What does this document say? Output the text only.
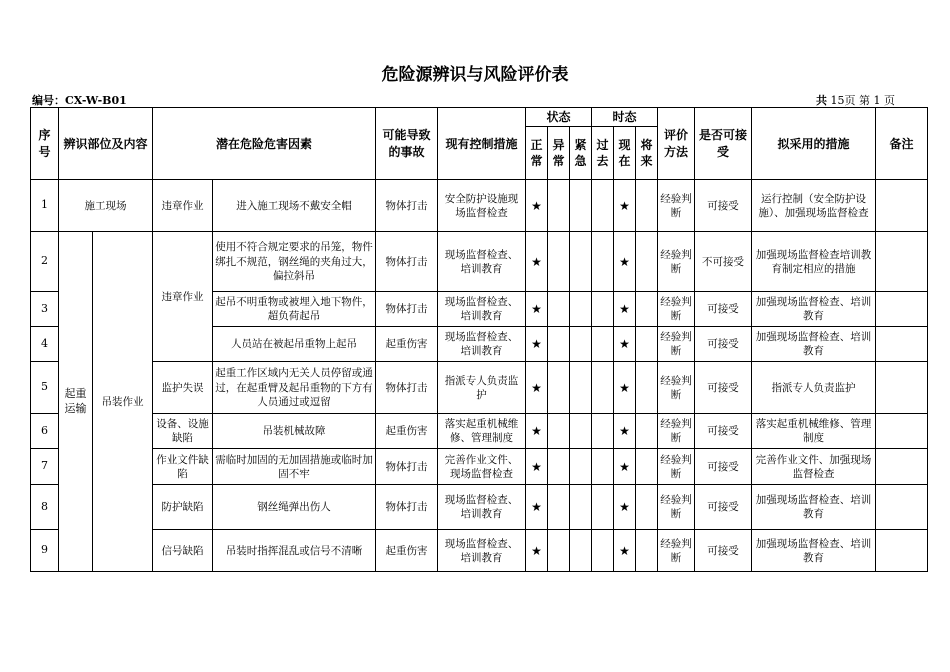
危险源辨识与风险评价表
编号：CX-W-B01	共 15页 第 1 页
序号	辨识部位及内容		潜在危险危害因素		可能导致的事故	现有控制措施	状态			时态			评价方法	是否可接受	拟采用的措施	备注
							正常	异常	紧急	过去	现在	将来				
1	施工现场		违章作业	进入施工现场不戴安全帽	物体打击	安全防护设施现场监督检查	★				★		经验判断	可接受	运行控制（安全防护设施）、加强现场监督检查	
2	起重运输	吊装作业	违章作业	使用不符合规定要求的吊笼，物件绑扎不规范，钢丝绳的夹角过大，偏拉斜吊	物体打击	现场监督检查、培训教育	★				★		经验判断	不可接受	加强现场监督检查培训教育制定相应的措施	
3				起吊不明重物或被埋入地下物件，超负荷起吊	物体打击	现场监督检查、培训教育	★				★		经验判断	可接受	加强现场监督检查、培训教育	
4				人员站在被起吊重物上起吊	起重伤害	现场监督检查、培训教育	★				★		经验判断	可接受	加强现场监督检查、培训教育	
5			监护失误	起重工作区域内无关人员停留或通过，在起重臂及起吊重物的下方有人员通过或逗留	物体打击	指派专人负责监护	★				★		经验判断	可接受	指派专人负责监护	
6			设备、设施缺陷	吊装机械故障	起重伤害	落实起重机械维修、管理制度	★				★		经验判断	可接受	落实起重机械维修、管理制度	
7			作业文件缺陷	需临时加固的无加固措施或临时加固不牢	物体打击	完善作业文件、现场监督检查	★				★		经验判断	可接受	完善作业文件、加强现场监督检查	
8			防护缺陷	钢丝绳弹出伤人	物体打击	现场监督检查、培训教育	★				★		经验判断	可接受	加强现场监督检查、培训教育	
9			信号缺陷	吊装时指挥混乱或信号不清晰	起重伤害	现场监督检查、培训教育	★				★		经验判断	可接受	加强现场监督检查、培训教育	
